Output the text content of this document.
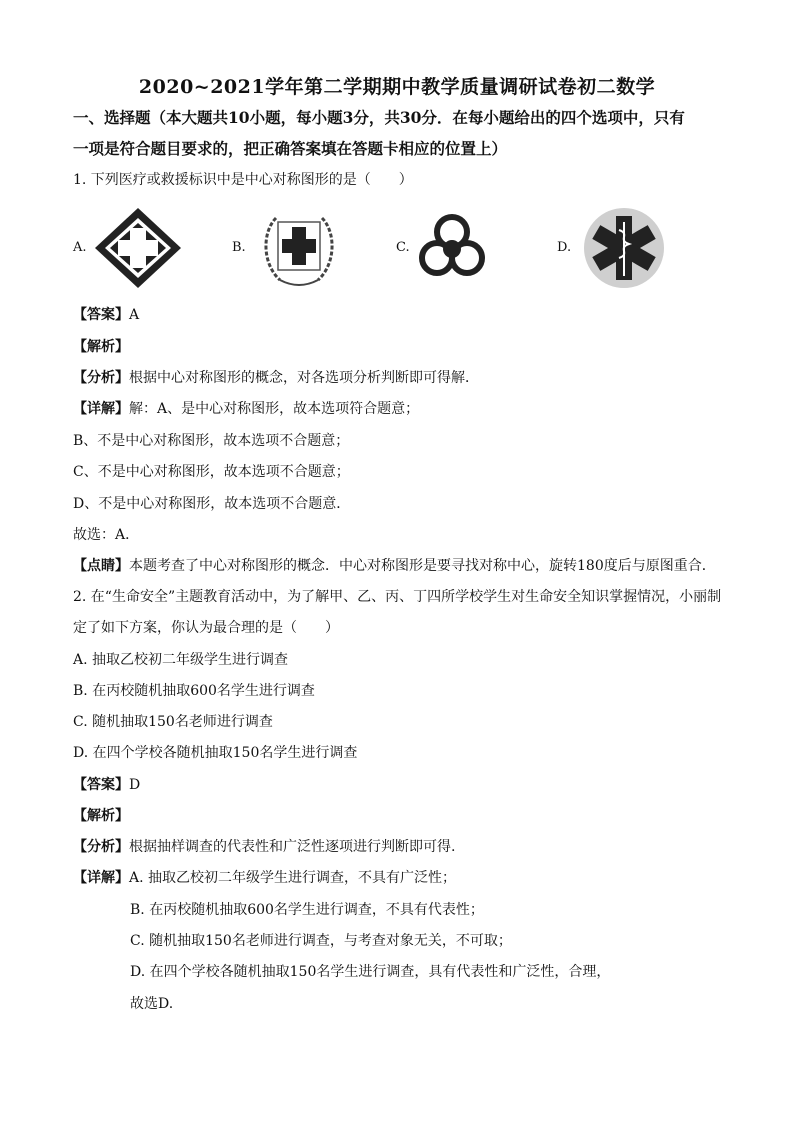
2020~2021学年第二学期期中教学质量调研试卷初二数学
一、选择题（本大题共10小题，每小题3分，共30分．在每小题给出的四个选项中，只有
一项是符合题目要求的，把正确答案填在答题卡相应的位置上）
1. 下列医疗或救援标识中是中心对称图形的是（　　）
A.	B.	C.	D.
【答案】A
【解析】
【分析】根据中心对称图形的概念，对各选项分析判断即可得解．
【详解】解：A、是中心对称图形，故本选项符合题意；
B、不是中心对称图形，故本选项不合题意；
C、不是中心对称图形，故本选项不合题意；
D、不是中心对称图形，故本选项不合题意．
故选：A．
【点睛】本题考查了中心对称图形的概念．中心对称图形是要寻找对称中心，旋转180度后与原图重合．
2. 在“生命安全”主题教育活动中，为了解甲、乙、丙、丁四所学校学生对生命安全知识掌握情况，小丽制
定了如下方案，你认为最合理的是（　　）
A. 抽取乙校初二年级学生进行调查
B. 在丙校随机抽取600名学生进行调查
C. 随机抽取150名老师进行调查
D. 在四个学校各随机抽取150名学生进行调查
【答案】D
【解析】
【分析】根据抽样调查的代表性和广泛性逐项进行判断即可得.
【详解】A. 抽取乙校初二年级学生进行调查，不具有广泛性；
B. 在丙校随机抽取600名学生进行调查，不具有代表性；
C. 随机抽取150名老师进行调查，与考查对象无关，不可取；
D. 在四个学校各随机抽取150名学生进行调查，具有代表性和广泛性，合理，
故选D.
